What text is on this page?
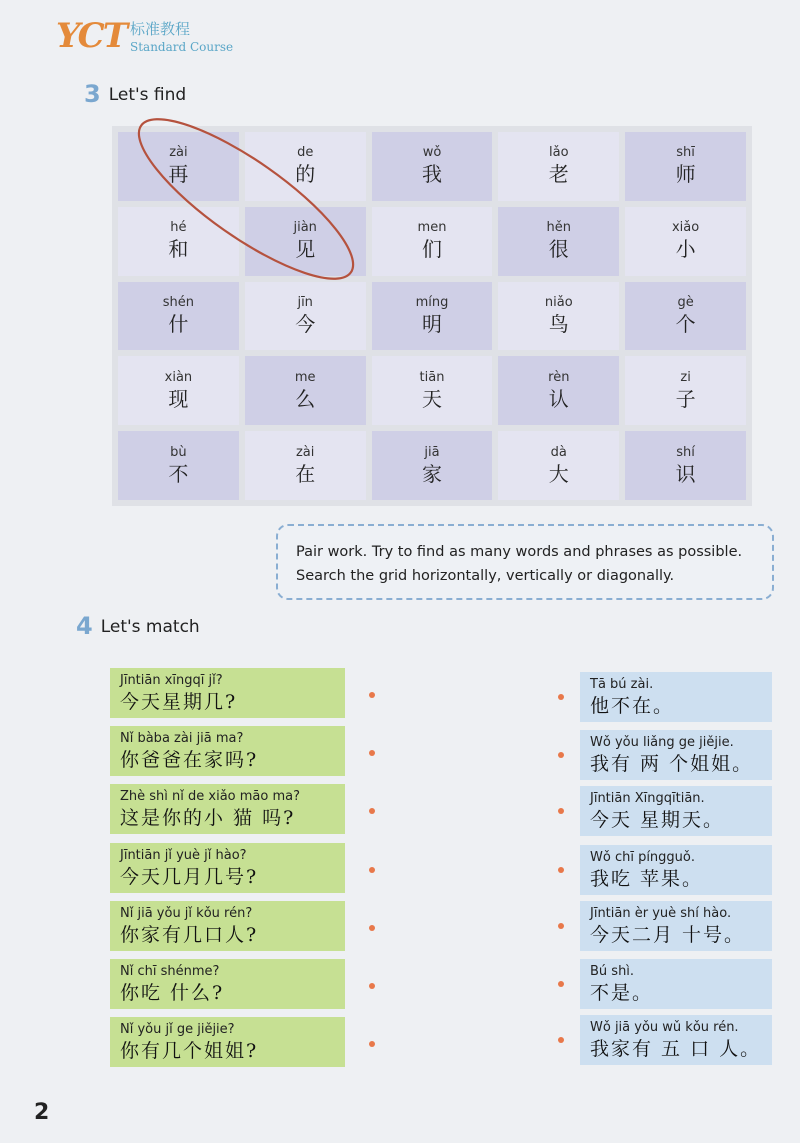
YCT 标准教程
Standard Course
3 Let's find
zài
再
de
的
wǒ
我
lǎo
老
shī
师
hé
和
jiàn
见
men
们
hěn
很
xiǎo
小
shén
什
jīn
今
míng
明
niǎo
鸟
gè
个
xiàn
现
me
么
tiān
天
rèn
认
zi
子
bù
不
zài
在
jiā
家
dà
大
shí
识
Pair work. Try to find as many words and phrases as possible.
Search the grid horizontally, vertically or diagonally.
4 Let's match
Jīntiān xīngqī jǐ?
今天星期几?
Nǐ bàba zài jiā ma?
你爸爸在家吗?
Zhè shì nǐ de xiǎo māo ma?
这是你的小 猫 吗?
Jīntiān jǐ yuè jǐ hào?
今天几月几号?
Nǐ jiā yǒu jǐ kǒu rén?
你家有几口人?
Nǐ chī shénme?
你吃 什么?
Nǐ yǒu jǐ ge jiějie?
你有几个姐姐?
Tā bú zài.
他不在。
Wǒ yǒu liǎng ge jiějie.
我有 两 个姐姐。
Jīntiān Xīngqītiān.
今天 星期天。
Wǒ chī píngguǒ.
我吃 苹果。
Jīntiān èr yuè shí hào.
今天二月 十号。
Bú shì.
不是。
Wǒ jiā yǒu wǔ kǒu rén.
我家有 五 口 人。
2
